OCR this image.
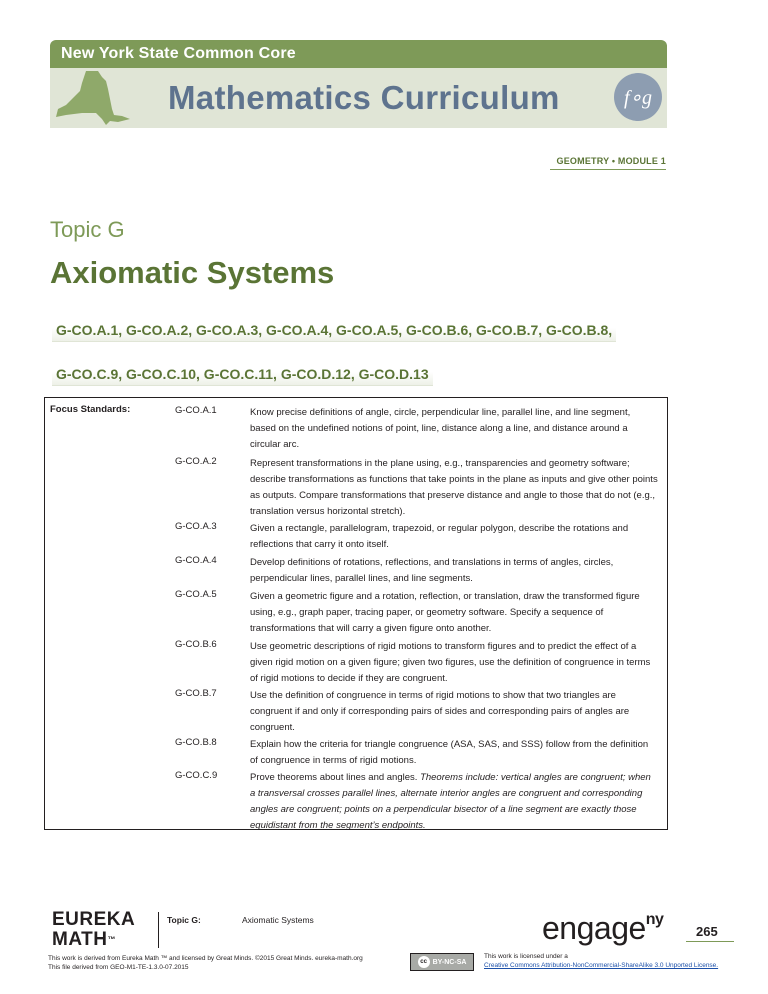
New York State Common Core
Mathematics Curriculum	f∘g
GEOMETRY • MODULE 1
Topic G
Axiomatic Systems
G-CO.A.1, G-CO.A.2, G-CO.A.3, G-CO.A.4, G-CO.A.5, G-CO.B.6, G-CO.B.7, G-CO.B.8,
G-CO.C.9, G-CO.C.10, G-CO.C.11, G-CO.D.12, G-CO.D.13
G-CO.A.1	Know precise definitions of angle, circle, perpendicular line, parallel line, and line segment, based on the undefined notions of point, line, distance along a line, and distance around a circular arc.
G-CO.A.2	Represent transformations in the plane using, e.g., transparencies and geometry software; describe transformations as functions that take points in the plane as inputs and give other points as outputs. Compare transformations that preserve distance and angle to those that do not (e.g., translation versus horizontal stretch).
G-CO.A.3	Given a rectangle, parallelogram, trapezoid, or regular polygon, describe the rotations and reflections that carry it onto itself.
G-CO.A.4	Develop definitions of rotations, reflections, and translations in terms of angles, circles, perpendicular lines, parallel lines, and line segments.
G-CO.A.5	Given a geometric figure and a rotation, reflection, or translation, draw the transformed figure using, e.g., graph paper, tracing paper, or geometry software. Specify a sequence of transformations that will carry a given figure onto another.
G-CO.B.6	Use geometric descriptions of rigid motions to transform figures and to predict the effect of a given rigid motion on a given figure; given two figures, use the definition of congruence in terms of rigid motions to decide if they are congruent.
G-CO.B.7	Use the definition of congruence in terms of rigid motions to show that two triangles are congruent if and only if corresponding pairs of sides and corresponding pairs of angles are congruent.
G-CO.B.8	Explain how the criteria for triangle congruence (ASA, SAS, and SSS) follow from the definition of congruence in terms of rigid motions.
G-CO.C.9	Prove theorems about lines and angles. Theorems include: vertical angles are congruent; when a transversal crosses parallel lines, alternate interior angles are congruent and corresponding angles are congruent; points on a perpendicular bisector of a line segment are exactly those equidistant from the segment’s endpoints.
Focus Standards:
EUREKA
MATH™
Topic G:	Axiomatic Systems	engage$^{ny}$
265
This work is derived from Eureka Math ™ and licensed by Great Minds. ©2015 Great Minds. eureka-math.org
This file derived from GEO-M1-TE-1.3.0-07.2015
cc BY-NC-SA
This work is licensed under a
Creative Commons Attribution-NonCommercial-ShareAlike 3.0 Unported License.
